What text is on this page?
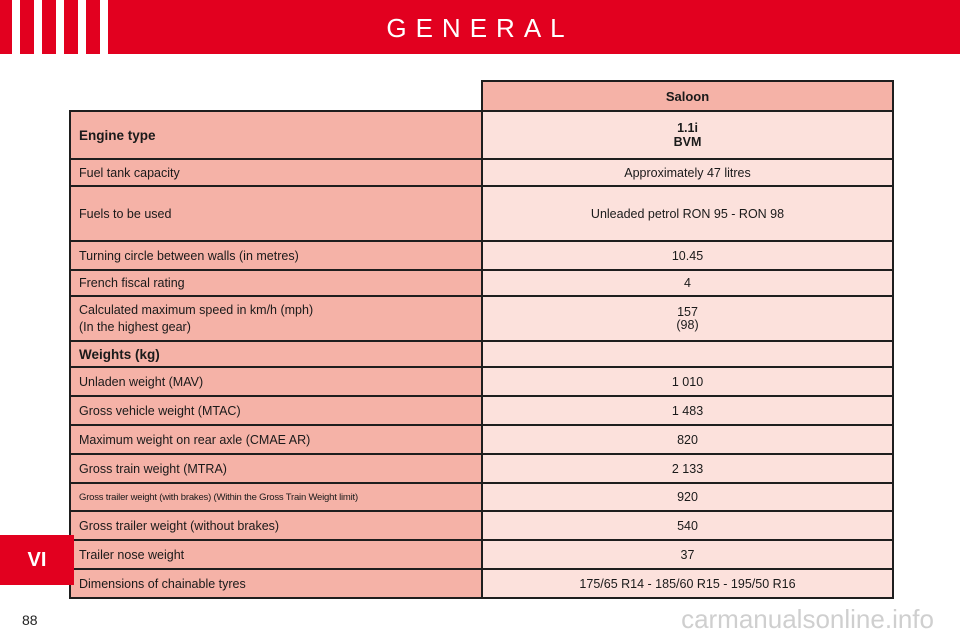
GENERAL
	Saloon
Engine type	1.1i
BVM

Fuel tank capacity	Approximately 47 litres
Fuels to be used	Unleaded petrol RON 95 - RON 98
Turning circle between walls (in metres)	10.45
French fiscal rating	4

Calculated maximum speed in km/h (mph)
(In the highest gear)	157
(98)

Weights (kg)	
Unladen weight (MAV)	1 010
Gross vehicle weight (MTAC)	1 483
Maximum weight on rear axle (CMAE AR)	820
Gross train weight (MTRA)	2 133
Gross trailer weight (with brakes) (Within the Gross Train Weight limit)	920
Gross trailer weight (without brakes)	540
Trailer nose weight	37
Dimensions of chainable tyres	175/65 R14 - 185/60 R15 - 195/50 R16
VI
88	carmanualsonline.info
